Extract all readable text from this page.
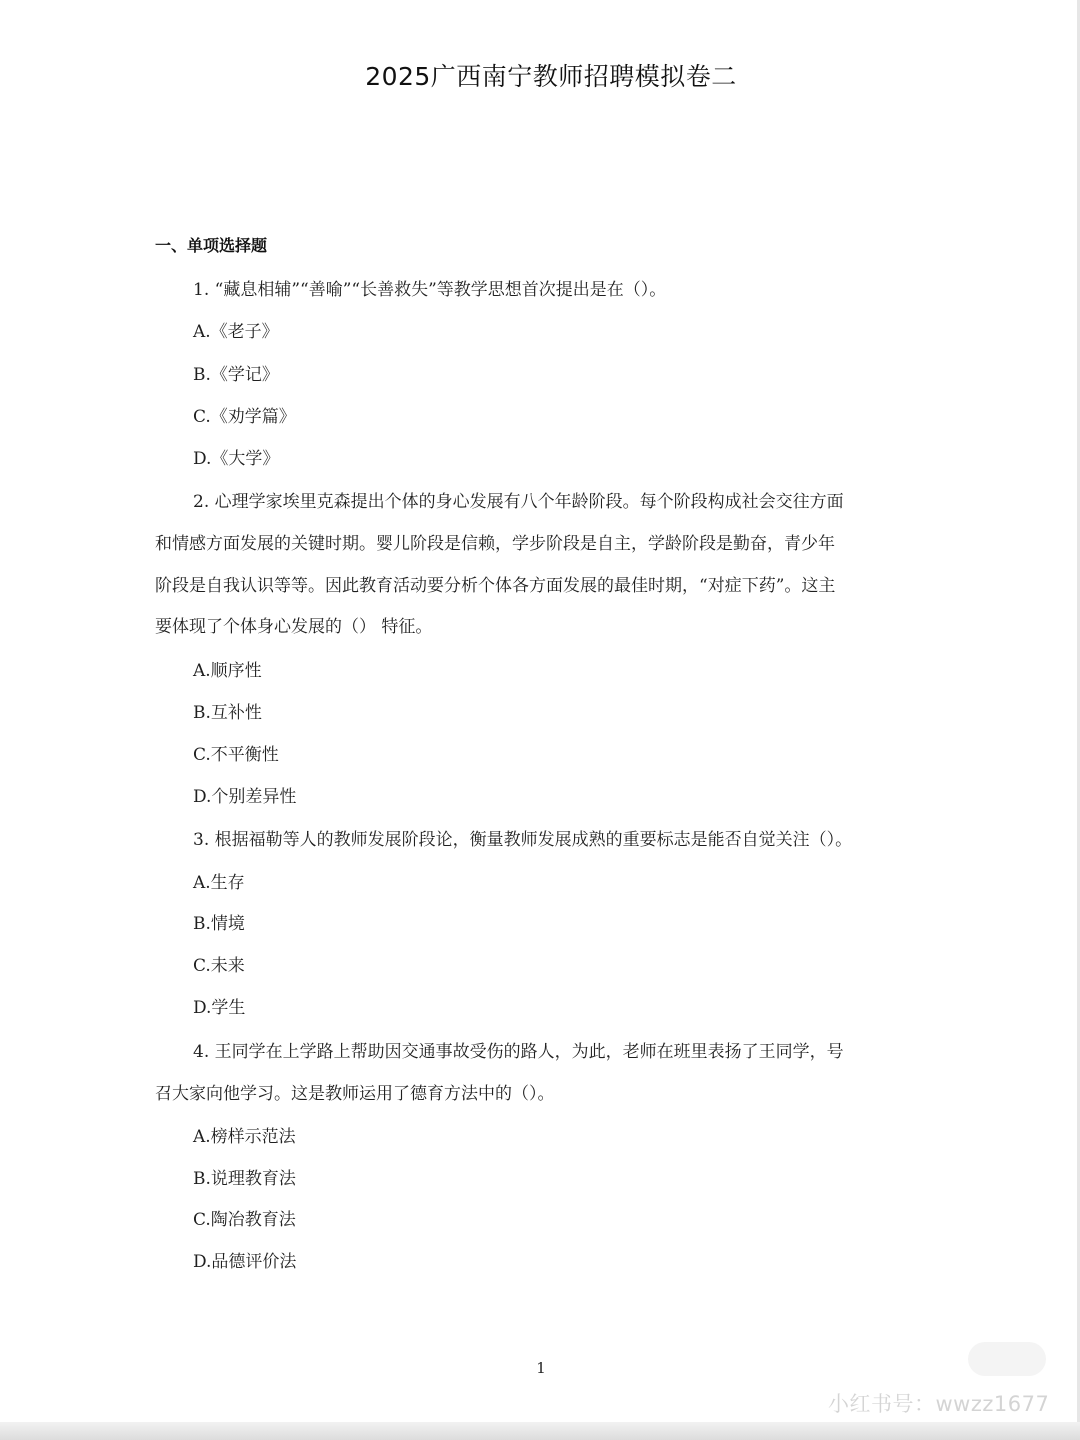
2025广西南宁教师招聘模拟卷二
一、单项选择题
1. “藏息相辅”“善喻”“长善救失”等教学思想首次提出是在（）。
A.《老子》
B.《学记》
C.《劝学篇》
D.《大学》
2. 心理学家埃里克森提出个体的身心发展有八个年龄阶段。每个阶段构成社会交往方面
和情感方面发展的关键时期。婴儿阶段是信赖，学步阶段是自主，学龄阶段是勤奋，青少年
阶段是自我认识等等。因此教育活动要分析个体各方面发展的最佳时期，“对症下药”。这主
要体现了个体身心发展的（） 特征。
A.顺序性
B.互补性
C.不平衡性
D.个别差异性
3. 根据福勒等人的教师发展阶段论，衡量教师发展成熟的重要标志是能否自觉关注（）。
A.生存
B.情境
C.未来
D.学生
4. 王同学在上学路上帮助因交通事故受伤的路人，为此，老师在班里表扬了王同学，号
召大家向他学习。这是教师运用了德育方法中的（）。
A.榜样示范法
B.说理教育法
C.陶冶教育法
D.品德评价法
1
小红书号：wwzz1677
